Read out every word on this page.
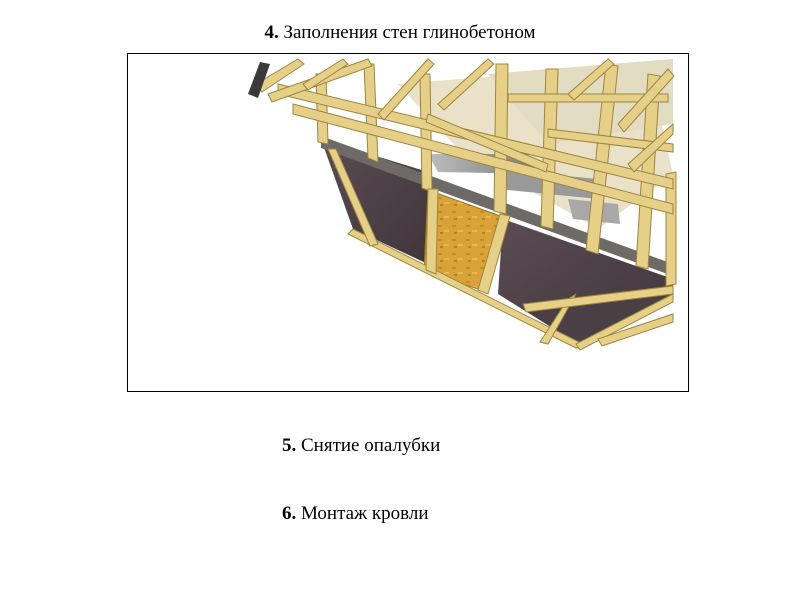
4. Заполнения стен глинобетоном
5. Снятие опалубки
6. Монтаж кровли
